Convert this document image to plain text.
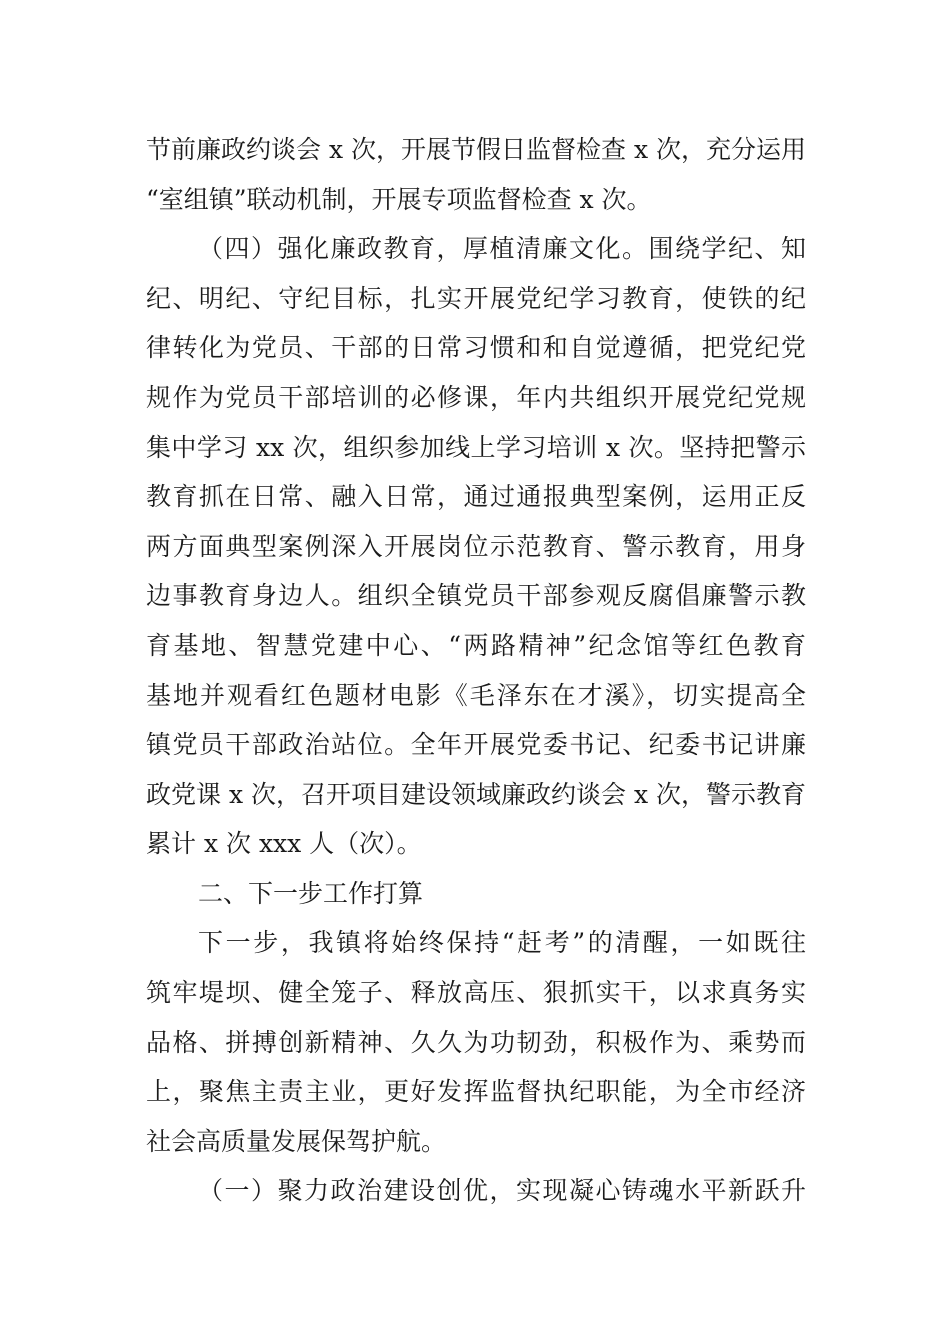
节前廉政约谈会 x 次，开展节假日监督检查 x 次，充分运用
“室组镇”联动机制，开展专项监督检查 x 次。
（四）强化廉政教育，厚植清廉文化。围绕学纪、知
纪、明纪、守纪目标，扎实开展党纪学习教育，使铁的纪
律转化为党员、干部的日常习惯和和自觉遵循，把党纪党
规作为党员干部培训的必修课，年内共组织开展党纪党规
集中学习 xx 次，组织参加线上学习培训 x 次。坚持把警示
教育抓在日常、融入日常，通过通报典型案例，运用正反
两方面典型案例深入开展岗位示范教育、警示教育，用身
边事教育身边人。组织全镇党员干部参观反腐倡廉警示教
育基地、智慧党建中心、“两路精神”纪念馆等红色教育
基地并观看红色题材电影《毛泽东在才溪》，切实提高全
镇党员干部政治站位。全年开展党委书记、纪委书记讲廉
政党课 x 次，召开项目建设领域廉政约谈会 x 次，警示教育
累计 x 次 xxx 人（次）。
二、下一步工作打算
下一步，我镇将始终保持“赶考”的清醒，一如既往
筑牢堤坝、健全笼子、释放高压、狠抓实干，以求真务实
品格、拼搏创新精神、久久为功韧劲，积极作为、乘势而
上，聚焦主责主业，更好发挥监督执纪职能，为全市经济
社会高质量发展保驾护航。
（一）聚力政治建设创优，实现凝心铸魂水平新跃升
